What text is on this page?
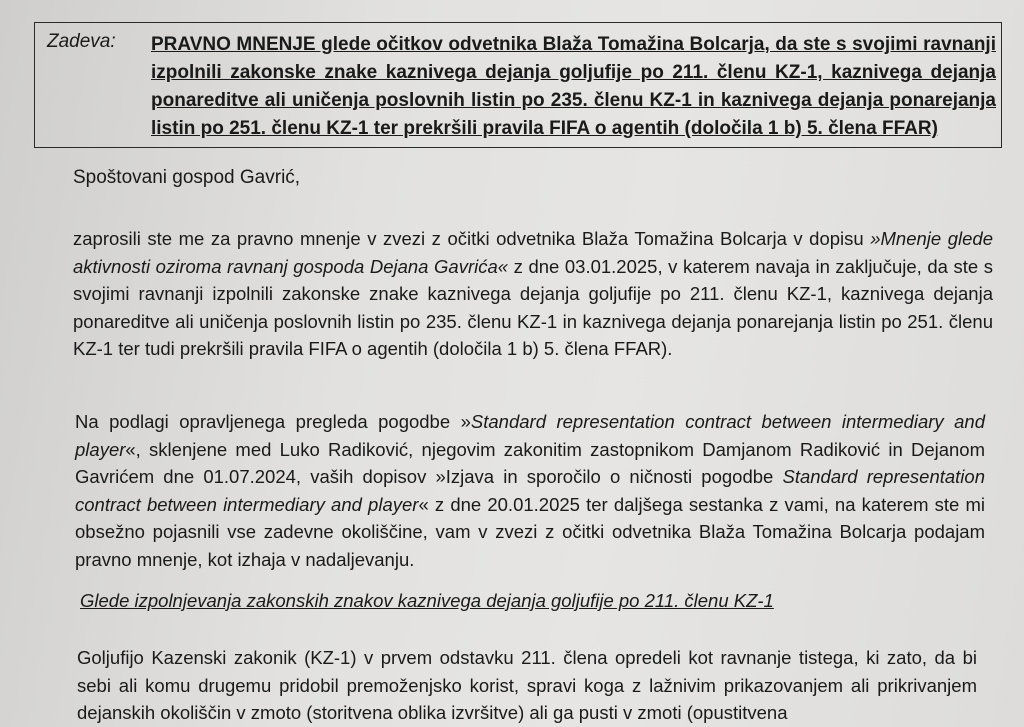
Zadeva: PRAVNO MNENJE glede očitkov odvetnika Blaža Tomažina Bolcarja, da ste s svojimi ravnanji izpolnili zakonske znake kaznivega dejanja goljufije po 211. členu KZ-1, kaznivega dejanja ponareditve ali uničenja poslovnih listin po 235. členu KZ-1 in kaznivega dejanja ponarejanja listin po 251. členu KZ-1 ter prekršili pravila FIFA o agentih (določila 1 b) 5. člena FFAR)
Spoštovani gospod Gavrić,
zaprosili ste me za pravno mnenje v zvezi z očitki odvetnika Blaža Tomažina Bolcarja v dopisu »Mnenje glede aktivnosti oziroma ravnanj gospoda Dejana Gavrića« z dne 03.01.2025, v katerem navaja in zaključuje, da ste s svojimi ravnanji izpolnili zakonske znake kaznivega dejanja goljufije po 211. členu KZ-1, kaznivega dejanja ponareditve ali uničenja poslovnih listin po 235. členu KZ-1 in kaznivega dejanja ponarejanja listin po 251. členu KZ-1 ter tudi prekršili pravila FIFA o agentih (določila 1 b) 5. člena FFAR).
Na podlagi opravljenega pregleda pogodbe »Standard representation contract between intermediary and player«, sklenjene med Luko Radiković, njegovim zakonitim zastopnikom Damjanom Radiković in Dejanom Gavrićem dne 01.07.2024, vaših dopisov »Izjava in sporočilo o ničnosti pogodbe Standard representation contract between intermediary and player« z dne 20.01.2025 ter daljšega sestanka z vami, na katerem ste mi obsežno pojasnili vse zadevne okoliščine, vam v zvezi z očitki odvetnika Blaža Tomažina Bolcarja podajam pravno mnenje, kot izhaja v nadaljevanju.
Glede izpolnjevanja zakonskih znakov kaznivega dejanja goljufije po 211. členu KZ-1
Goljufijo Kazenski zakonik (KZ-1) v prvem odstavku 211. člena opredeli kot ravnanje tistega, ki zato, da bi sebi ali komu drugemu pridobil premoženjsko korist, spravi koga z lažnivim prikazovanjem ali prikrivanjem dejanskih okoliščin v zmoto (storitvena oblika izvršitve) ali ga pusti v zmoti (opustitvena
